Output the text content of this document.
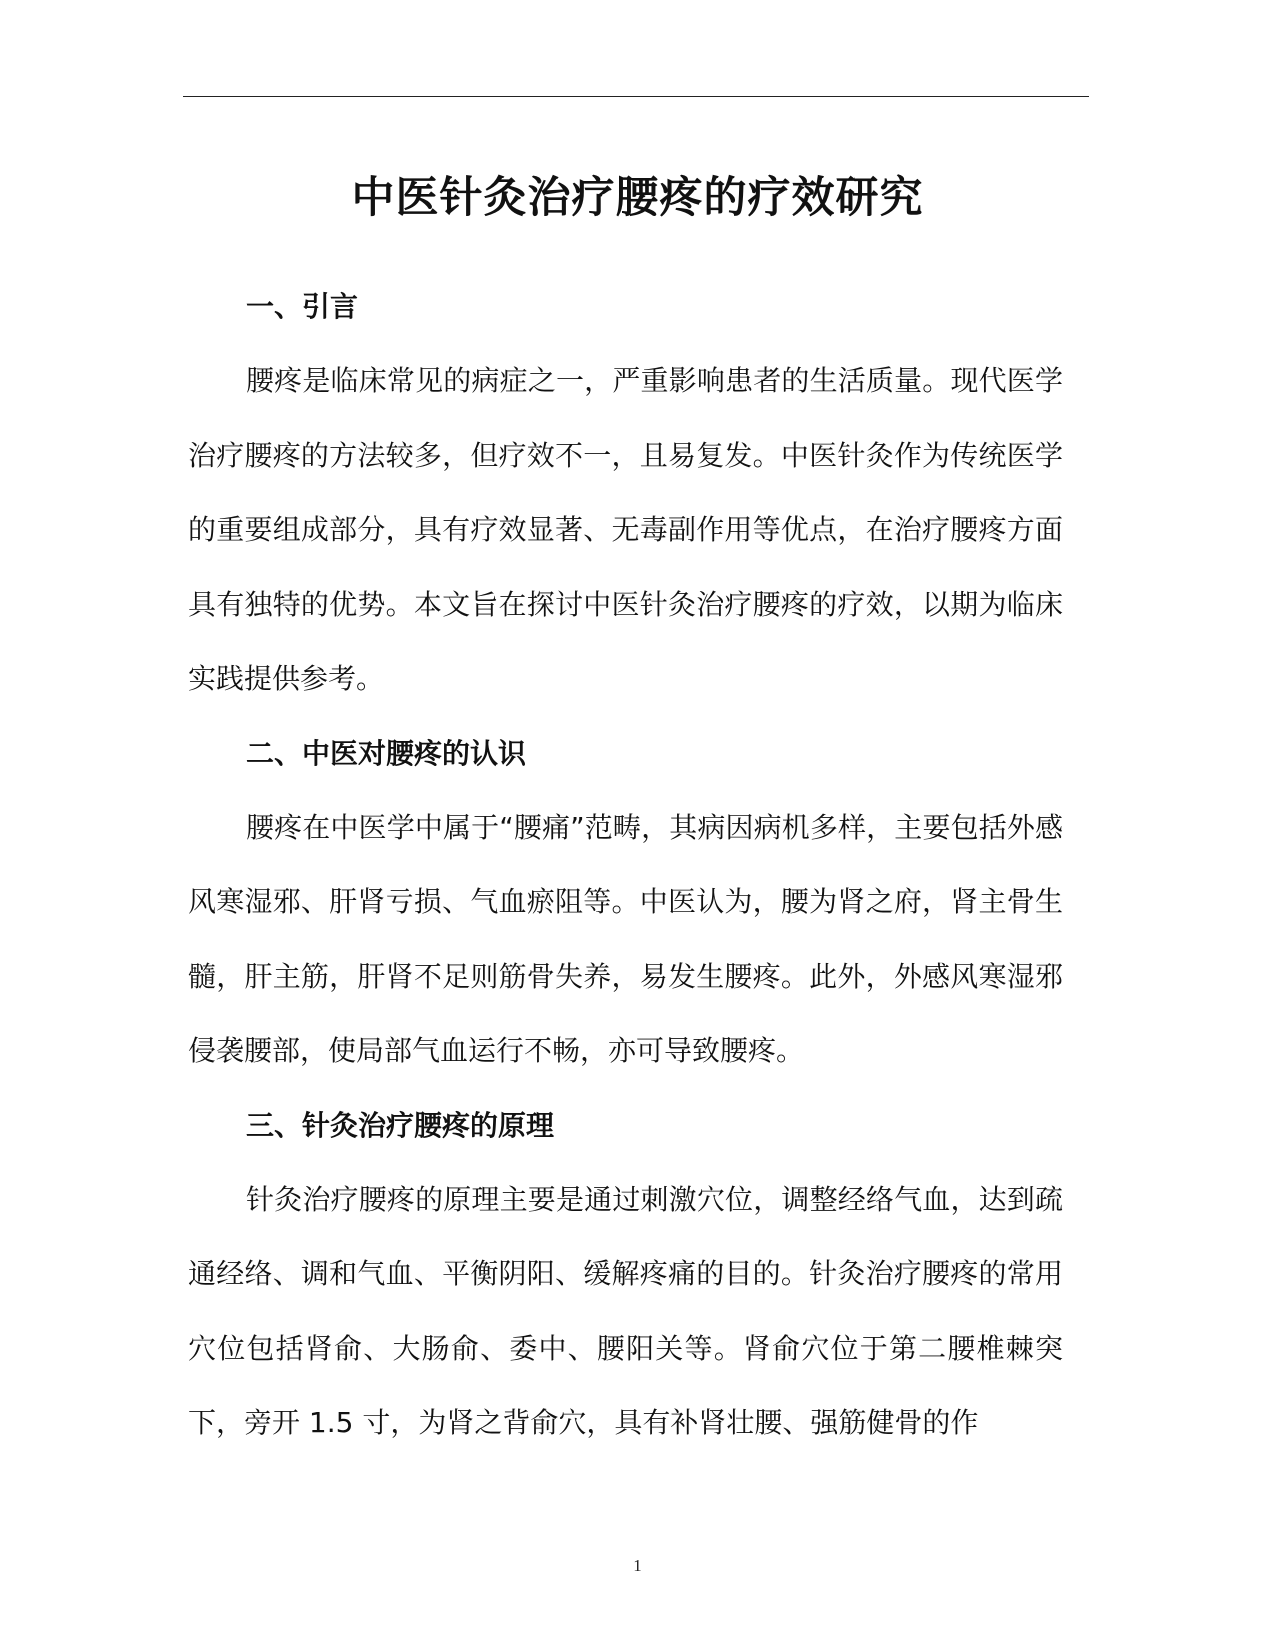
中医针灸治疗腰疼的疗效研究
一、引言

腰疼是临床常见的病症之一，严重影响患者的生活质量。现代医学治疗腰疼的方法较多，但疗效不一，且易复发。中医针灸作为传统医学的重要组成部分，具有疗效显著、无毒副作用等优点，在治疗腰疼方面具有独特的优势。本文旨在探讨中医针灸治疗腰疼的疗效，以期为临床实践提供参考。

二、中医对腰疼的认识

腰疼在中医学中属于“腰痛”范畴，其病因病机多样，主要包括外感风寒湿邪、肝肾亏损、气血瘀阻等。中医认为，腰为肾之府，肾主骨生髓，肝主筋，肝肾不足则筋骨失养，易发生腰疼。此外，外感风寒湿邪侵袭腰部，使局部气血运行不畅，亦可导致腰疼。

三、针灸治疗腰疼的原理

针灸治疗腰疼的原理主要是通过刺激穴位，调整经络气血，达到疏通经络、调和气血、平衡阴阳、缓解疼痛的目的。针灸治疗腰疼的常用穴位包括肾俞、大肠俞、委中、腰阳关等。肾俞穴位于第二腰椎棘突下，旁开 1.5 寸，为肾之背俞穴，具有补肾壮腰、强筋健骨的作

1
